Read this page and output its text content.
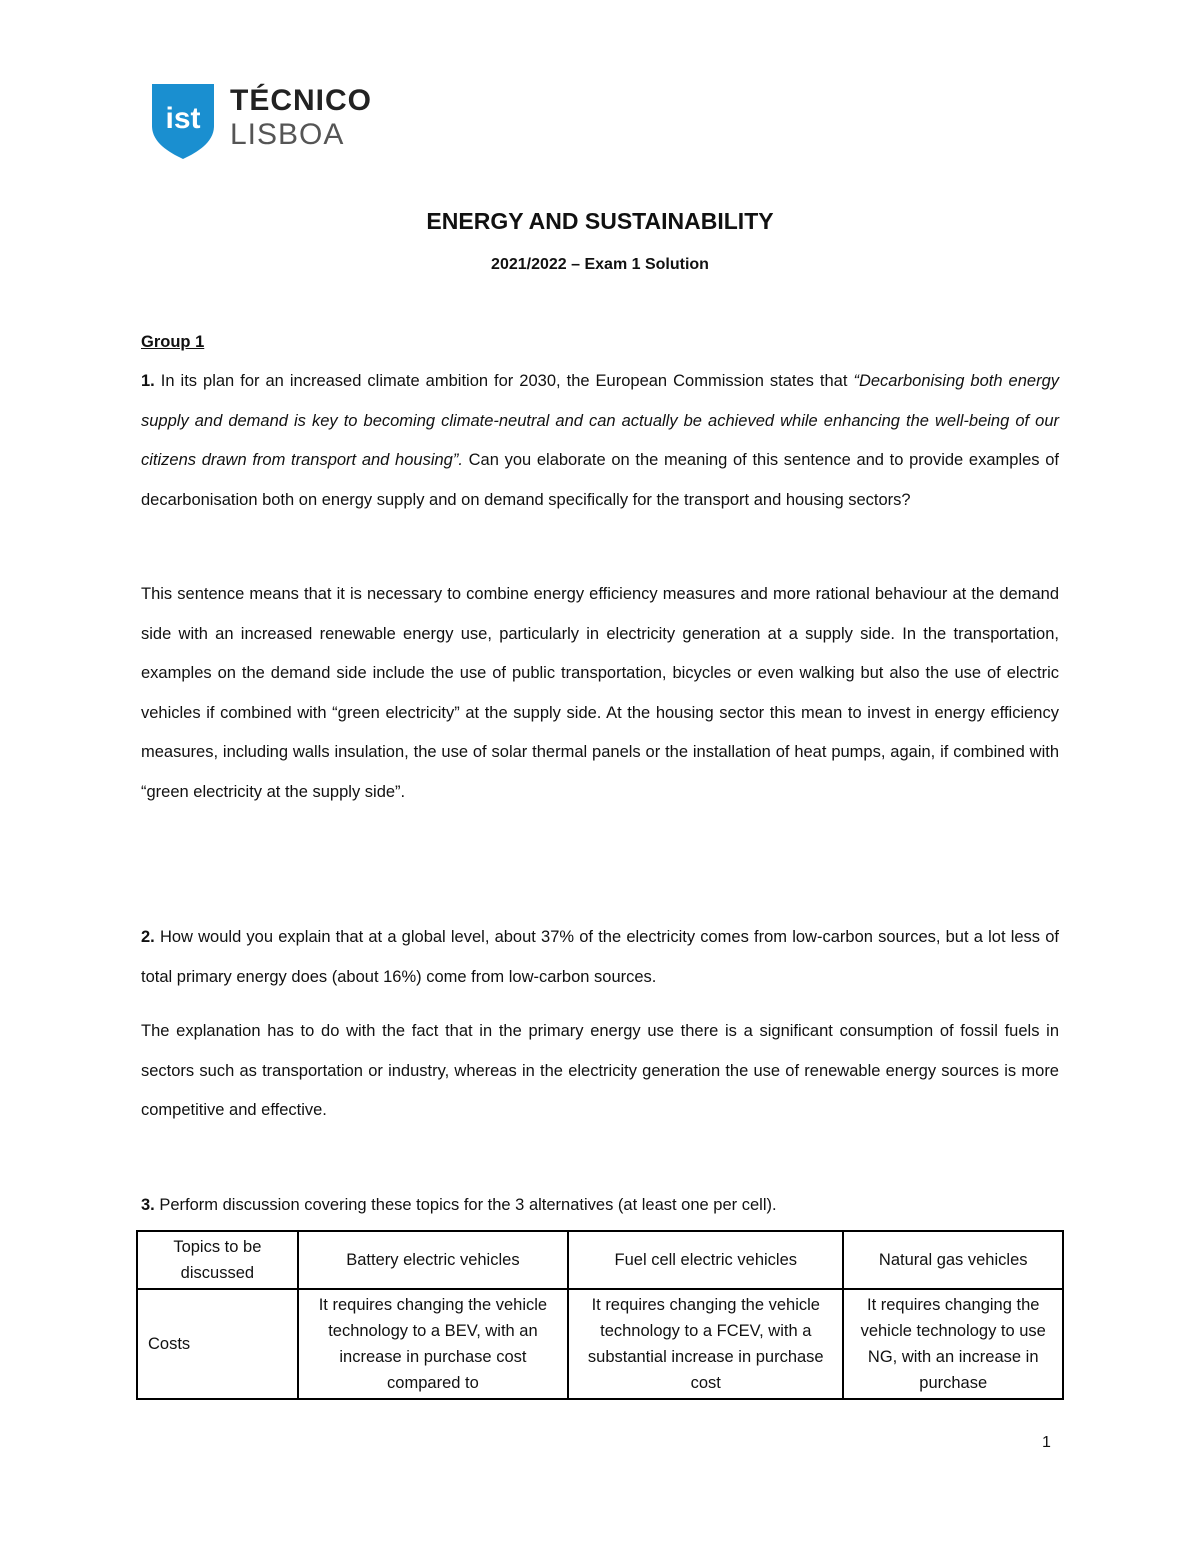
ist
TÉCNICO
LISBOA
ENERGY AND SUSTAINABILITY
2021/2022 – Exam 1 Solution
Group 1

1. In its plan for an increased climate ambition for 2030, the European Commission states that “Decarbonising both energy supply and demand is key to becoming climate-neutral and can actually be achieved while enhancing the well-being of our citizens drawn from transport and housing”. Can you elaborate on the meaning of this sentence and to provide examples of decarbonisation both on energy supply and on demand specifically for the transport and housing sectors?

This sentence means that it is necessary to combine energy efficiency measures and more rational behaviour at the demand side with an increased renewable energy use, particularly in electricity generation at a supply side. In the transportation, examples on the demand side include the use of public transportation, bicycles or even walking but also the use of electric vehicles if combined with “green electricity” at the supply side. At the housing sector this mean to invest in energy efficiency measures, including walls insulation, the use of solar thermal panels or the installation of heat pumps, again, if combined with “green electricity at the supply side”.

2. How would you explain that at a global level, about 37% of the electricity comes from low-carbon sources, but a lot less of total primary energy does (about 16%) come from low-carbon sources.

The explanation has to do with the fact that in the primary energy use there is a significant consumption of fossil fuels in sectors such as transportation or industry, whereas in the electricity generation the use of renewable energy sources is more competitive and effective.

3. Perform discussion covering these topics for the 3 alternatives (at least one per cell).

Topics to be discussed	Battery electric vehicles	Fuel cell electric vehicles	Natural gas vehicles
Costs	It requires changing the vehicle technology to a BEV, with an increase in purchase cost compared to	It requires changing the vehicle technology to a FCEV, with a substantial increase in purchase cost	It requires changing the vehicle technology to use NG, with an increase in purchase
1
